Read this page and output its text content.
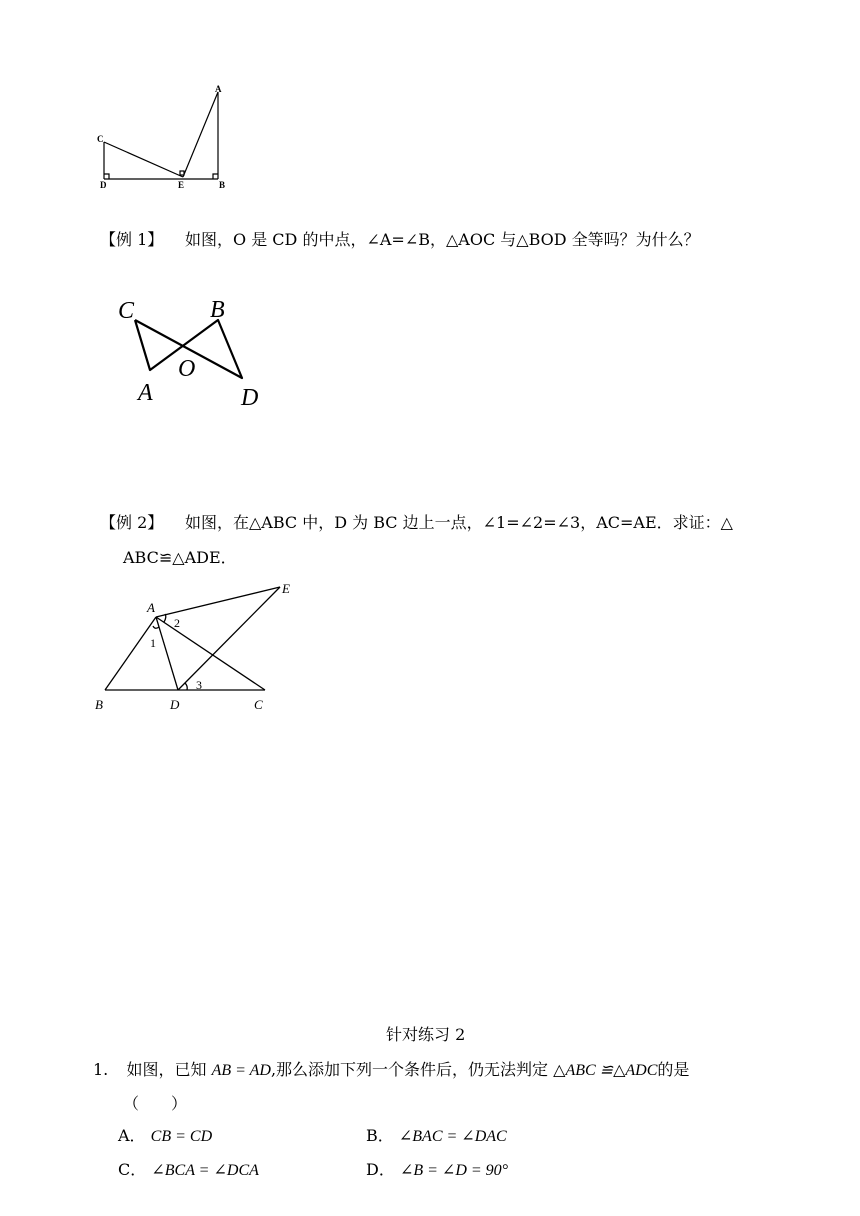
A
C
D	E	B
【例 1】 如图，O 是 CD 的中点，∠A=∠B，△AOC 与△BOD 全等吗？为什么？
C	B
O
A	D
【例 2】 如图，在△ABC 中，D 为 BC 边上一点，∠1=∠2=∠3，AC=AE．求证：△
ABC≌△ADE．
A
E
B	D	C
2
1
3
针对练习 2
1. 如图，已知 AB = AD,那么添加下列一个条件后，仍无法判定 △ABC ≌△ADC的是
（　　）
A． CB = CD	B． ∠BAC = ∠DAC
C． ∠BCA = ∠DCA	D． ∠B = ∠D = 90°
